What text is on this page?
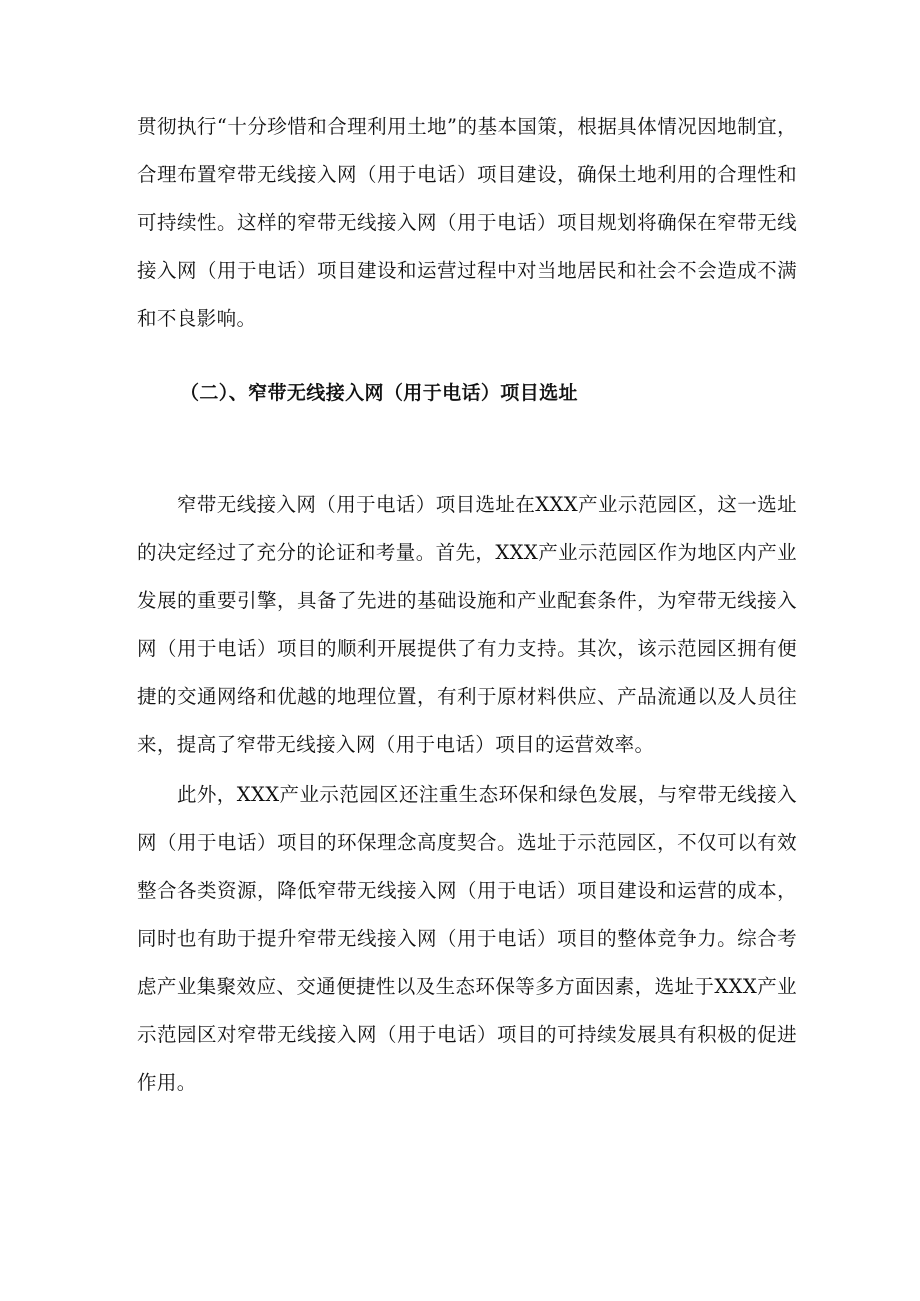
贯彻执行“十分珍惜和合理利用土地”的基本国策，根据具体情况因地制宜，合理布置窄带无线接入网（用于电话）项目建设，确保土地利用的合理性和可持续性。这样的窄带无线接入网（用于电话）项目规划将确保在窄带无线接入网（用于电话）项目建设和运营过程中对当地居民和社会不会造成不满和不良影响。

（二）、窄带无线接入网（用于电话）项目选址

窄带无线接入网（用于电话）项目选址在XXX产业示范园区，这一选址的决定经过了充分的论证和考量。首先，XXX产业示范园区作为地区内产业发展的重要引擎，具备了先进的基础设施和产业配套条件，为窄带无线接入网（用于电话）项目的顺利开展提供了有力支持。其次，该示范园区拥有便捷的交通网络和优越的地理位置，有利于原材料供应、产品流通以及人员往来，提高了窄带无线接入网（用于电话）项目的运营效率。

此外，XXX产业示范园区还注重生态环保和绿色发展，与窄带无线接入网（用于电话）项目的环保理念高度契合。选址于示范园区，不仅可以有效整合各类资源，降低窄带无线接入网（用于电话）项目建设和运营的成本，同时也有助于提升窄带无线接入网（用于电话）项目的整体竞争力。综合考虑产业集聚效应、交通便捷性以及生态环保等多方面因素，选址于XXX产业示范园区对窄带无线接入网（用于电话）项目的可持续发展具有积极的促进作用。
